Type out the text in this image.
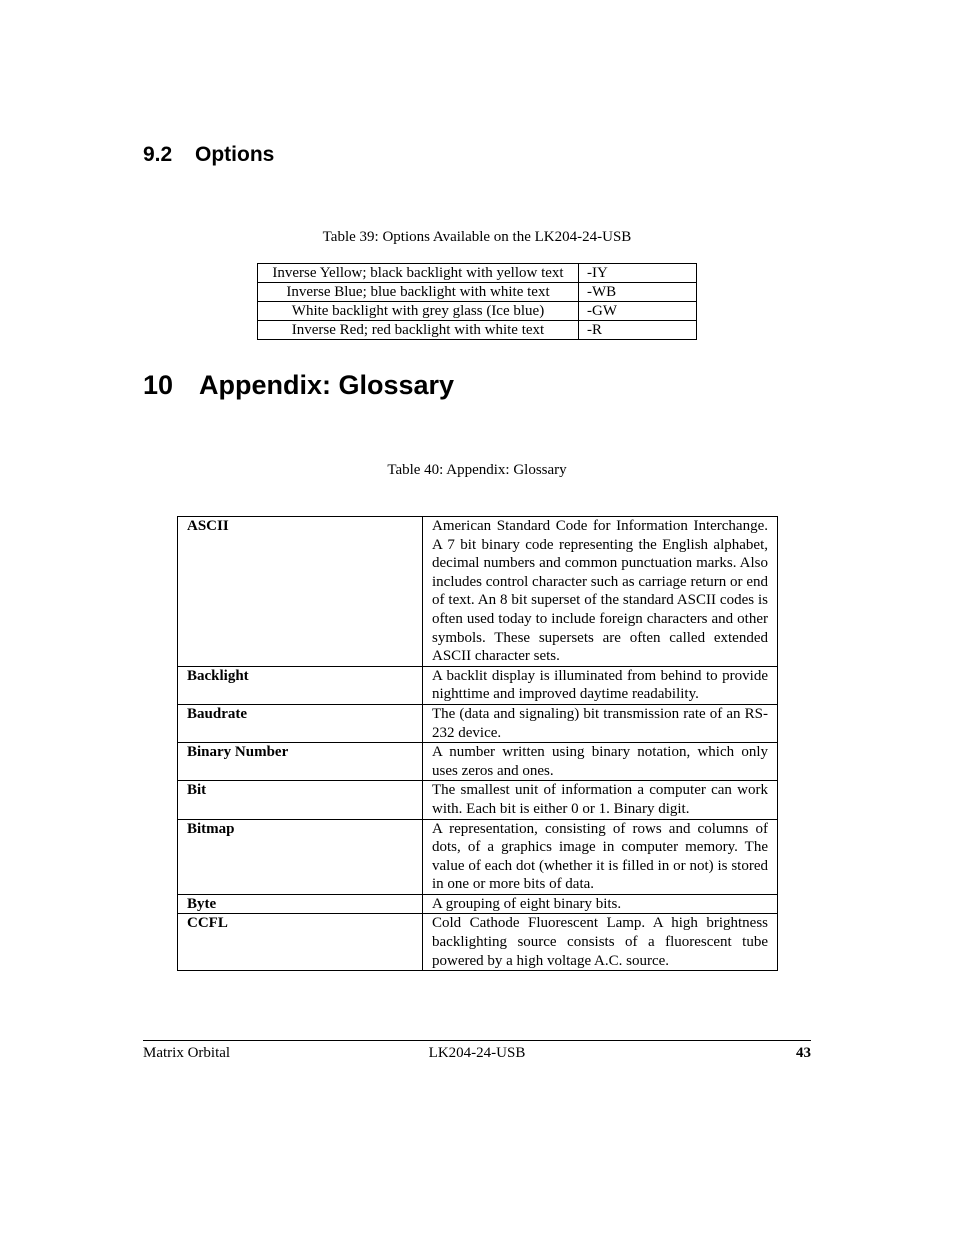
9.2 Options
Table 39: Options Available on the LK204-24-USB
Inverse Yellow; black backlight with yellow text	-IY
Inverse Blue; blue backlight with white text	-WB
White backlight with grey glass (Ice blue)	-GW
Inverse Red; red backlight with white text	-R
10 Appendix: Glossary
Table 40: Appendix: Glossary
ASCII	American Standard Code for Information Interchange. A 7 bit binary code representing the English alphabet, decimal numbers and common punctuation marks. Also includes control character such as carriage return or end of text. An 8 bit superset of the standard ASCII codes is often used today to include foreign characters and other symbols. These supersets are often called extended ASCII character sets.
Backlight	A backlit display is illuminated from behind to provide nighttime and improved daytime readability.
Baudrate	The (data and signaling) bit transmission rate of an RS-232 device.
Binary Number	A number written using binary notation, which only uses zeros and ones.
Bit	The smallest unit of information a computer can work with. Each bit is either 0 or 1. Binary digit.
Bitmap	A representation, consisting of rows and columns of dots, of a graphics image in computer memory. The value of each dot (whether it is filled in or not) is stored in one or more bits of data.
Byte	A grouping of eight binary bits.
CCFL	Cold Cathode Fluorescent Lamp. A high brightness backlighting source consists of a fluorescent tube powered by a high voltage A.C. source.
Matrix Orbital	LK204-24-USB	43
